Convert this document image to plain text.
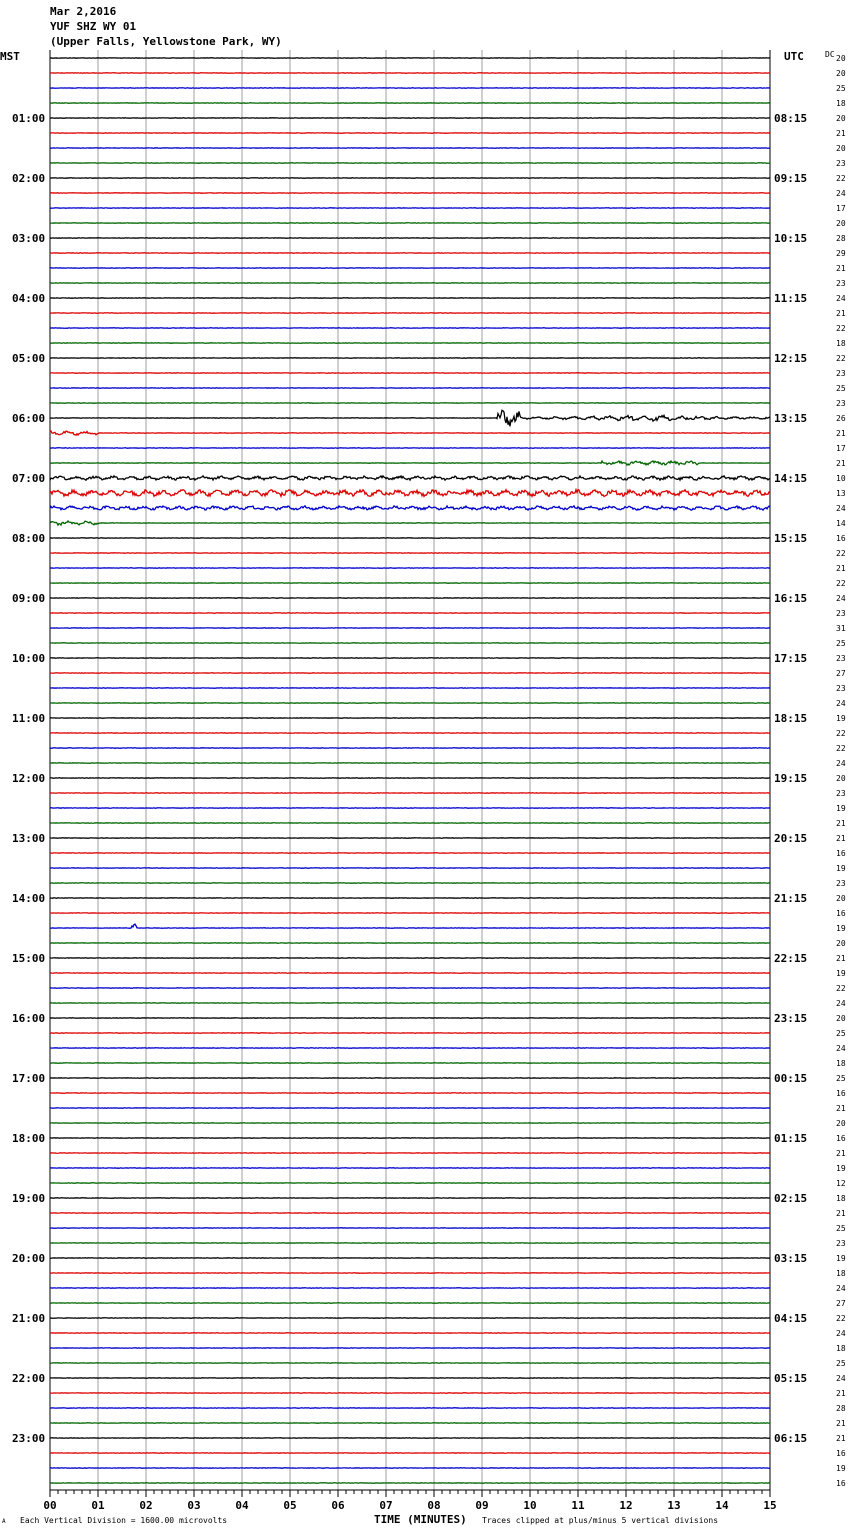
Mar 2,2016
YUF SHZ WY 01
(Upper Falls, Yellowstone Park, WY)
MST	UTC	DC
01:00
02:00
03:00
04:00
05:00
06:00
07:00
08:00
09:00
10:00
11:00
12:00
13:00
14:00
15:00
16:00
17:00
18:00
19:00
20:00
21:00
22:00
23:00
08:15
09:15
10:15
11:15
12:15
13:15
14:15
15:15
16:15
17:15
18:15
19:15
20:15
21:15
22:15
23:15
00:15
01:15
02:15
03:15
04:15
05:15
06:15
20
20
25
18
20
21
20
23
22
24
17
20
28
29
21
23
24
21
22
18
22
23
25
23
26
21
17
21
10
13
24
14
16
22
21
22
24
23
31
25
23
27
23
24
19
22
22
24
20
23
19
21
21
16
19
23
20
16
19
20
21
19
22
24
20
25
24
18
25
16
21
20
16
21
19
12
18
21
25
23
19
18
24
27
22
24
18
25
24
21
28
21
21
16
19
16
00	01	02	03	04	05	06	07	08	09	10	11	12	13	14	15
A Each Vertical Division = 1600.00 microvolts	TIME (MINUTES) Traces clipped at plus/minus 5 vertical divisions
